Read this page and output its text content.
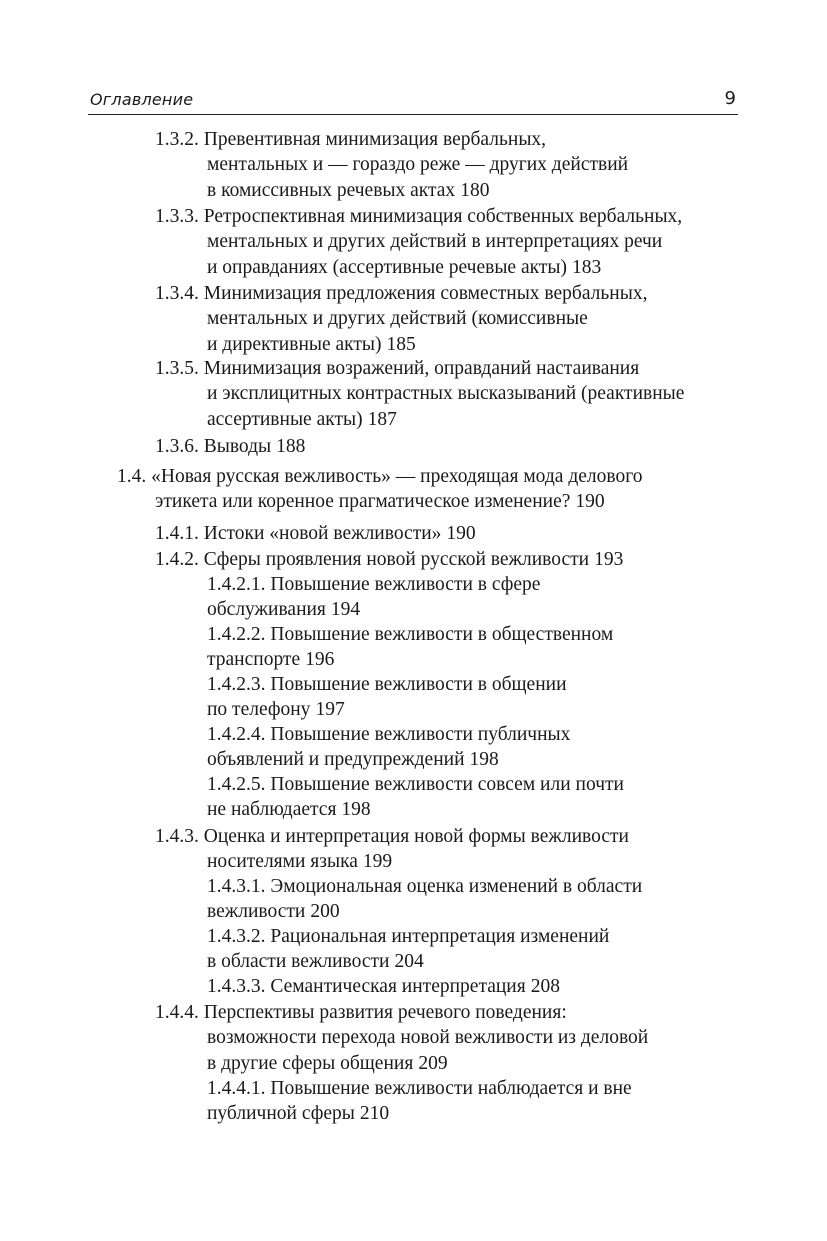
Оглавление	9
1.3.2. Превентивная минимизация вербальных,
ментальных и — гораздо реже — других действий
в комиссивных речевых актах 180
1.3.3. Ретроспективная минимизация собственных вербальных,
ментальных и других действий в интерпретациях речи
и оправданиях (ассертивные речевые акты) 183
1.3.4. Минимизация предложения совместных вербальных,
ментальных и других действий (комиссивные
и директивные акты) 185
1.3.5. Минимизация возражений, оправданий настаивания
и эксплицитных контрастных высказываний (реактивные
ассертивные акты) 187
1.3.6. Выводы 188
1.4. «Новая русская вежливость» — преходящая мода делового
этикета или коренное прагматическое изменение? 190
1.4.1. Истоки «новой вежливости» 190
1.4.2. Сферы проявления новой русской вежливости 193
1.4.2.1. Повышение вежливости в сфере
обслуживания 194
1.4.2.2. Повышение вежливости в общественном
транспорте 196
1.4.2.3. Повышение вежливости в общении
по телефону 197
1.4.2.4. Повышение вежливости публичных
объявлений и предупреждений 198
1.4.2.5. Повышение вежливости совсем или почти
не наблюдается 198
1.4.3. Оценка и интерпретация новой формы вежливости
носителями языка 199
1.4.3.1. Эмоциональная оценка изменений в области
вежливости 200
1.4.3.2. Рациональная интерпретация изменений
в области вежливости 204
1.4.3.3. Семантическая интерпретация 208
1.4.4. Перспективы развития речевого поведения:
возможности перехода новой вежливости из деловой
в другие сферы общения 209
1.4.4.1. Повышение вежливости наблюдается и вне
публичной сферы 210
